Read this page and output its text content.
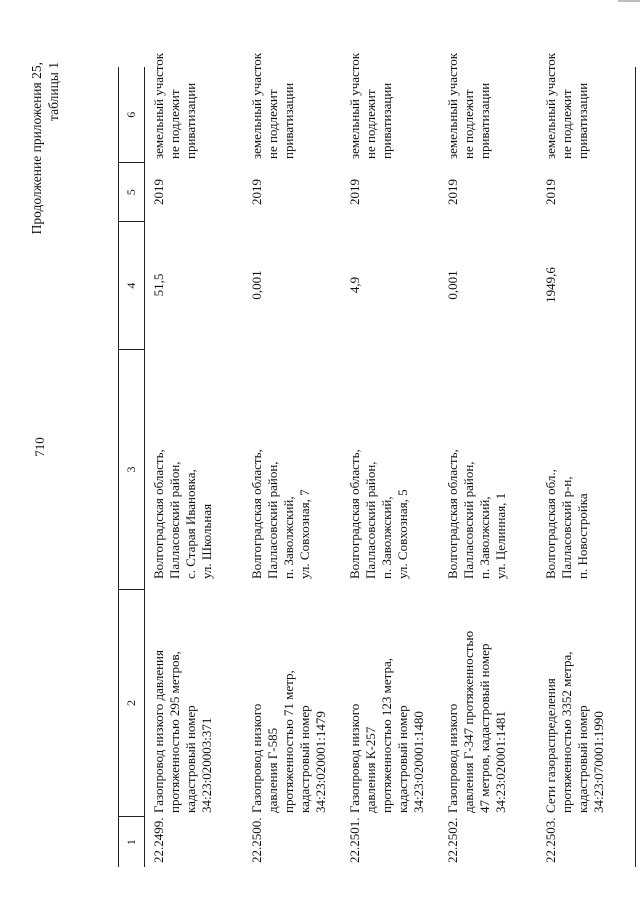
710
Продолжение приложения 25, таблицы 1
1
2
3
4
5
6
22.2499.
Газопровод низкого давления протяженностью 295 метров, кадастровый номер 34:23:020003:371
Волгоградская область, Палласовский район, с. Старая Ивановка, ул. Школьная
51,5
2019
земельный участок не подлежит приватизации
22.2500.
Газопровод низкого давления Г-585 протяженностью 71 метр, кадастровый номер 34:23:020001:1479
Волгоградская область, Палласовский район, п. Заволжский, ул. Совхозная, 7
0,001
2019
земельный участок не подлежит приватизации
22.2501.
Газопровод низкого давления К-257 протяженностью 123 метра, кадастровый номер 34:23:020001:1480
Волгоградская область, Палласовский район, п. Заволжский, ул. Совхозная, 5
4,9
2019
земельный участок не подлежит приватизации
22.2502.
Газопровод низкого давления Г-347 протяженностью 47 метров, кадастровый номер 34:23:020001:1481
Волгоградская область, Палласовский район, п. Заволжский, ул. Целинная, 1
0,001
2019
земельный участок не подлежит приватизации
22.2503.
Сети газораспределения протяженностью 3352 метра, кадастровый номер 34:23:070001:1990
Волгоградская обл., Палласовский р-н, п. Новостройка
1949,6
2019
земельный участок не подлежит приватизации
